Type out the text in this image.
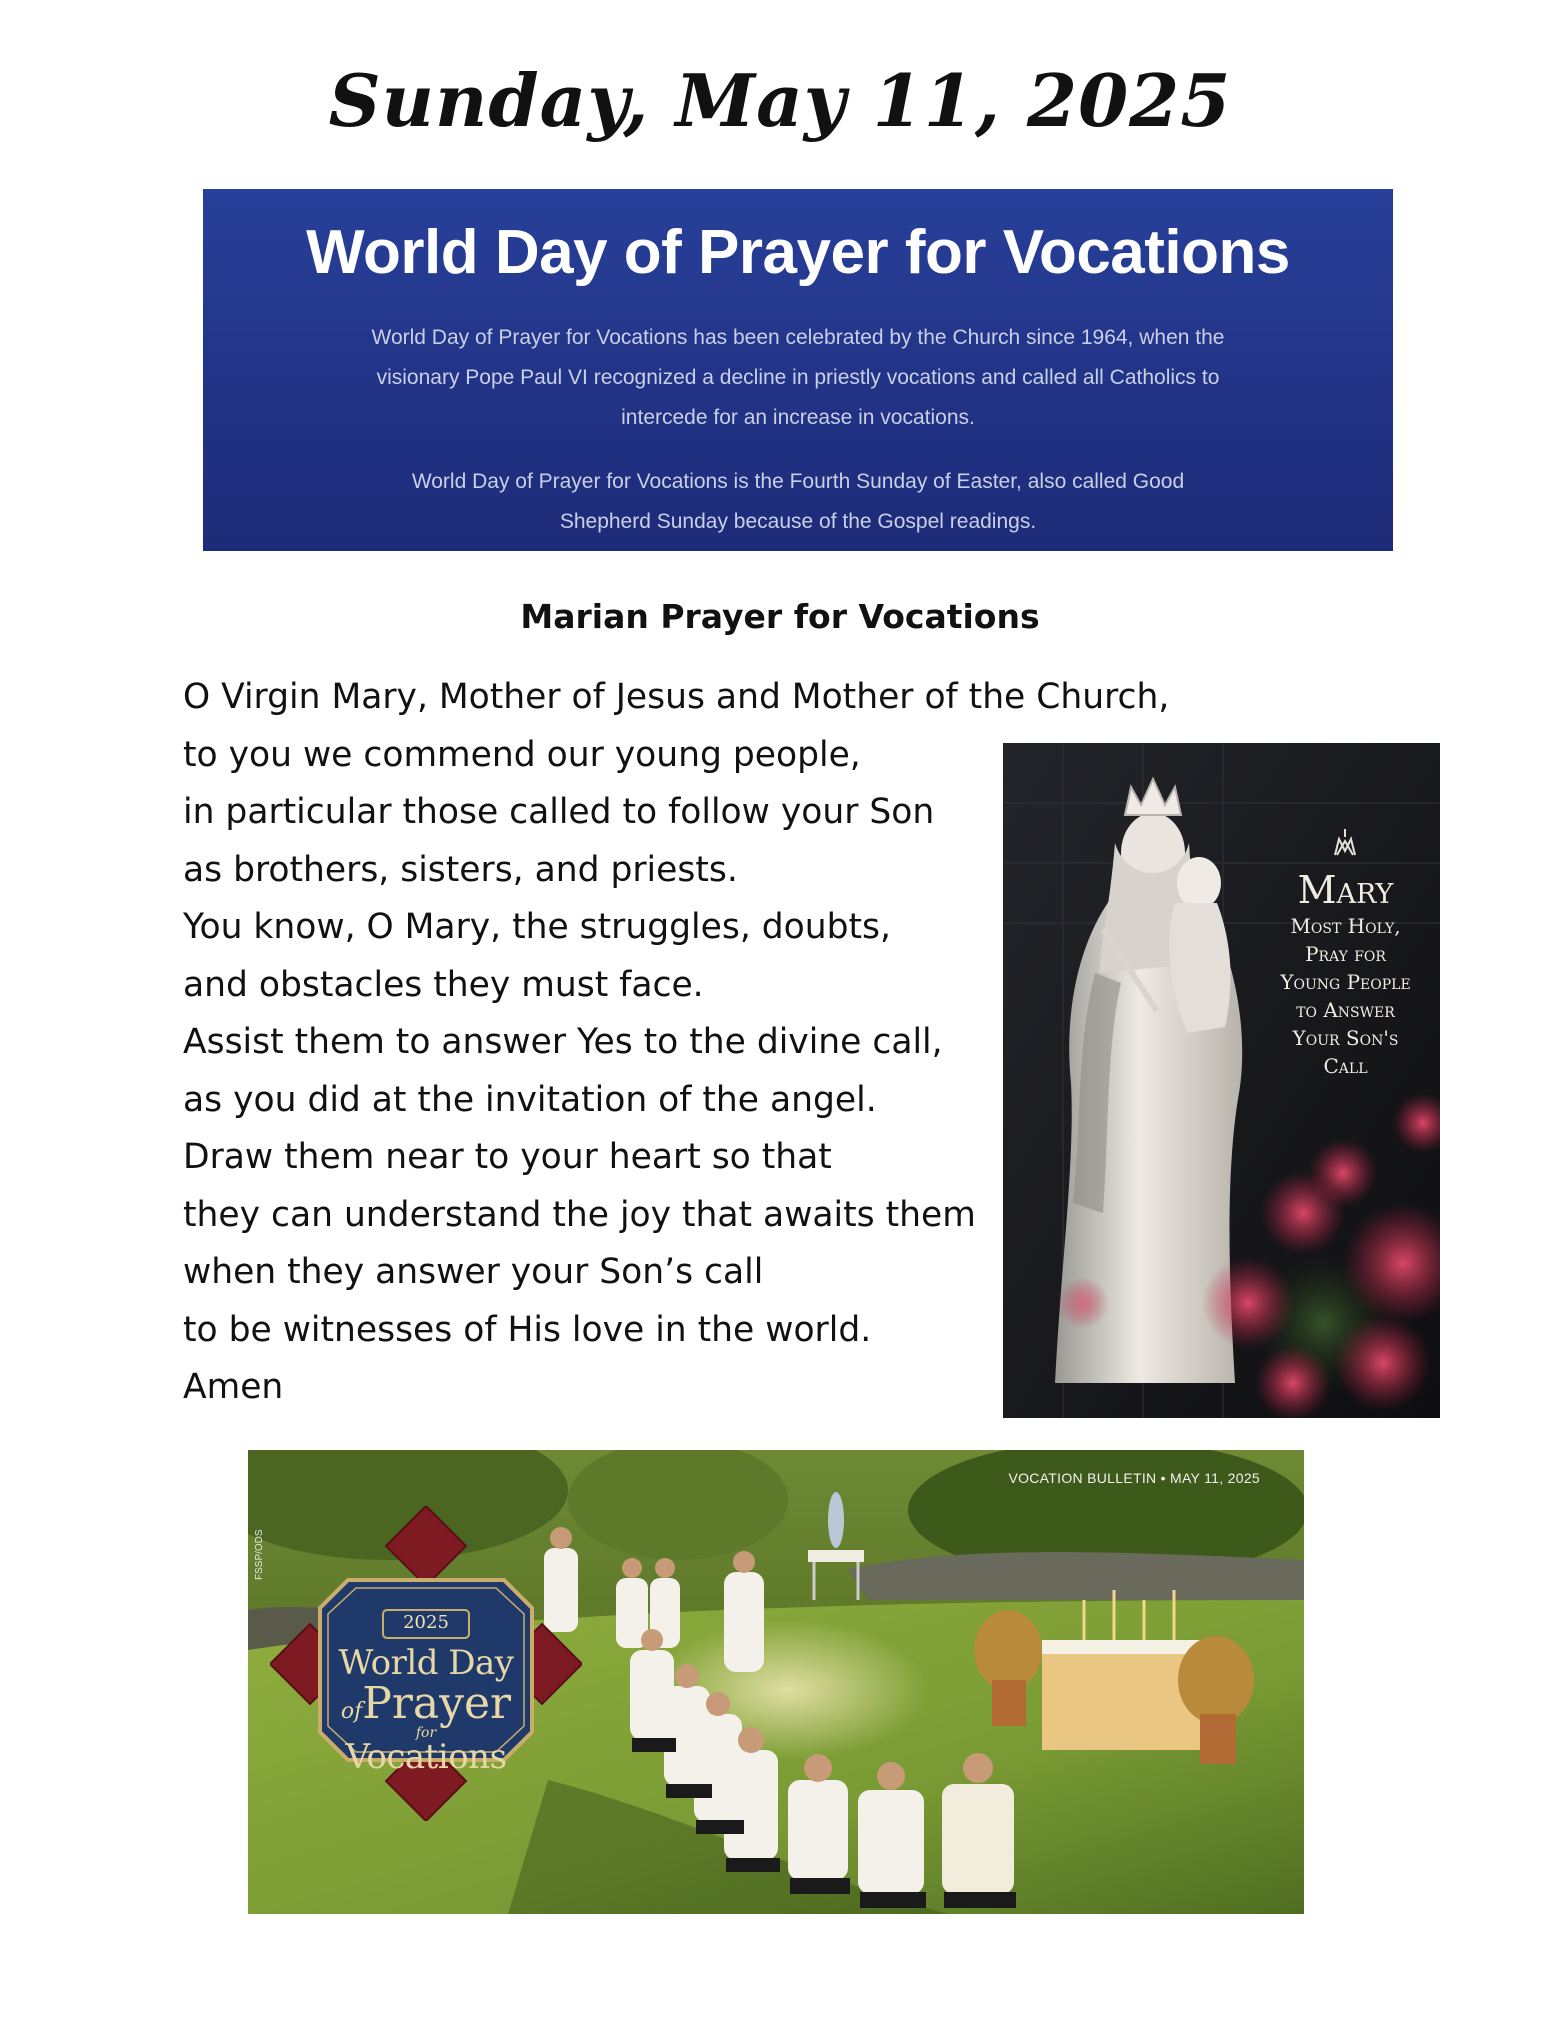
Sunday, May 11, 2025
World Day of Prayer for Vocations
World Day of Prayer for Vocations has been celebrated by the Church since 1964, when the visionary Pope Paul VI recognized a decline in priestly vocations and called all Catholics to intercede for an increase in vocations.
World Day of Prayer for Vocations is the Fourth Sunday of Easter, also called Good Shepherd Sunday because of the Gospel readings.
Marian Prayer for Vocations
O Virgin Mary, Mother of Jesus and Mother of the Church,
to you we commend our young people,
in particular those called to follow your Son
as brothers, sisters, and priests.
You know, O Mary, the struggles, doubts,
and obstacles they must face.
Assist them to answer Yes to the divine call,
as you did at the invitation of the angel.
Draw them near to your heart so that
they can understand the joy that awaits them
when they answer your Son’s call
to be witnesses of His love in the world.
Amen
Mary
Most Holy,
Pray for
Young People
to Answer
Your Son's
Call
VOCATION BULLETIN • MAY 11, 2025
FSSP/ODS
2025
World Day
ofPrayer
for
Vocations
